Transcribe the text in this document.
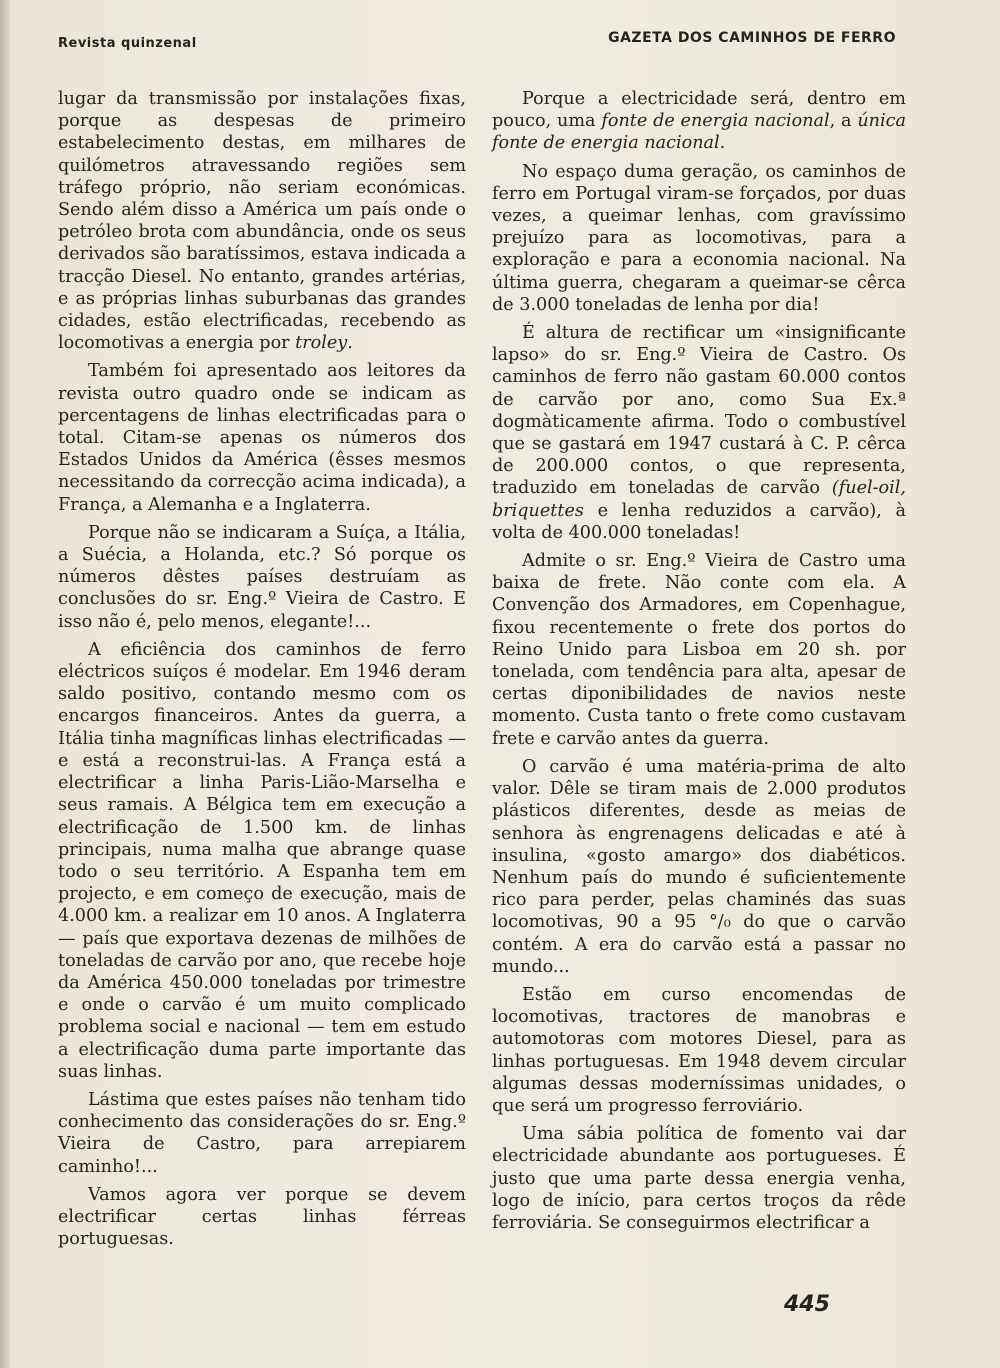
Revista quinzenal	GAZETA DOS CAMINHOS DE FERRO

lugar da transmissão por instalações fixas, porque as despesas de primeiro estabelecimento destas, em milhares de quilómetros atravessando regiões sem tráfego próprio, não seriam económicas. Sendo além disso a América um país onde o petróleo brota com abundância, onde os seus derivados são baratíssimos, estava indicada a tracção Diesel. No entanto, grandes artérias, e as próprias linhas suburbanas das grandes cidades, estão electrificadas, recebendo as locomotivas a energia por troley.

Também foi apresentado aos leitores da revista outro quadro onde se indicam as percentagens de linhas electrificadas para o total. Citam-se apenas os números dos Estados Unidos da América (êsses mesmos necessitando da correcção acima indicada), a França, a Alemanha e a Inglaterra.

Porque não se indicaram a Suíça, a Itália, a Suécia, a Holanda, etc.? Só porque os números dêstes países destruíam as conclusões do sr. Eng.º Vieira de Castro. E isso não é, pelo menos, elegante!...

A eficiência dos caminhos de ferro eléctricos suíços é modelar. Em 1946 deram saldo positivo, contando mesmo com os encargos financeiros. Antes da guerra, a Itália tinha magníficas linhas electrificadas — e está a reconstrui-las. A França está a electrificar a linha Paris-Lião-Marselha e seus ramais. A Bélgica tem em execução a electrificação de 1.500 km. de linhas principais, numa malha que abrange quase todo o seu território. A Espanha tem em projecto, e em começo de execução, mais de 4.000 km. a realizar em 10 anos. A Inglaterra — país que exportava dezenas de milhões de toneladas de carvão por ano, que recebe hoje da América 450.000 toneladas por trimestre e onde o carvão é um muito complicado problema social e nacional — tem em estudo a electrificação duma parte importante das suas linhas.

Lástima que estes países não tenham tido conhecimento das considerações do sr. Eng.º Vieira de Castro, para arrepiarem caminho!...

Vamos agora ver porque se devem electrificar certas linhas férreas portuguesas.

Porque a electricidade será, dentro em pouco, uma fonte de energia nacional, a única fonte de energia nacional.

No espaço duma geração, os caminhos de ferro em Portugal viram-se forçados, por duas vezes, a queimar lenhas, com gravíssimo prejuízo para as locomotivas, para a exploração e para a economia nacional. Na última guerra, chegaram a queimar-se cêrca de 3.000 toneladas de lenha por dia!

É altura de rectificar um «insignificante lapso» do sr. Eng.º Vieira de Castro. Os caminhos de ferro não gastam 60.000 contos de carvão por ano, como Sua Ex.ª dogmàticamente afirma. Todo o combustível que se gastará em 1947 custará à C. P. cêrca de 200.000 contos, o que representa, traduzido em toneladas de carvão (fuel-oil, briquettes e lenha reduzidos a carvão), à volta de 400.000 toneladas!

Admite o sr. Eng.º Vieira de Castro uma baixa de frete. Não conte com ela. A Convenção dos Armadores, em Copenhague, fixou recentemente o frete dos portos do Reino Unido para Lisboa em 20 sh. por tonelada, com tendência para alta, apesar de certas diponibilidades de navios neste momento. Custa tanto o frete como custavam frete e carvão antes da guerra.

O carvão é uma matéria-prima de alto valor. Dêle se tiram mais de 2.000 produtos plásticos diferentes, desde as meias de senhora às engrenagens delicadas e até à insulina, «gosto amargo» dos diabéticos. Nenhum país do mundo é suficientemente rico para perder, pelas chaminés das suas locomotivas, 90 a 95 °/₀ do que o carvão contém. A era do carvão está a passar no mundo...

Estão em curso encomendas de locomotivas, tractores de manobras e automotoras com motores Diesel, para as linhas portuguesas. Em 1948 devem circular algumas dessas moderníssimas unidades, o que será um progresso ferroviário.

Uma sábia política de fomento vai dar electricidade abundante aos portugueses. É justo que uma parte dessa energia venha, logo de início, para certos troços da rêde ferroviária. Se conseguirmos electrificar a

445
